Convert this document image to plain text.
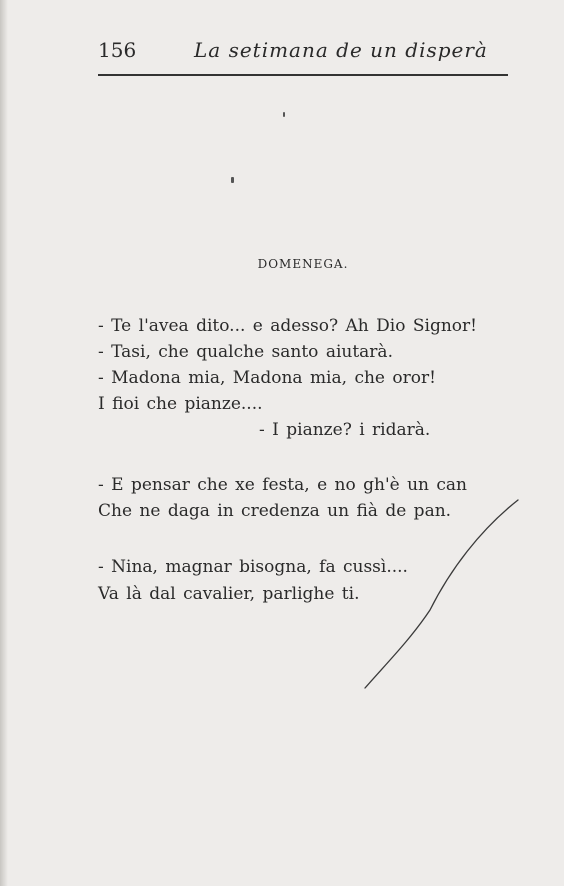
156	La setimana de un disperà
DOMENEGA.
- Te l'avea dito... e adesso? Ah Dio Signor!
- Tasi, che qualche santo aiutarà.
- Madona mia, Madona mia, che oror!
I fioi che pianze....
- I pianze? i ridarà.
- E pensar che xe festa, e no gh'è un can
Che ne daga in credenza un fià de pan.
- Nina, magnar bisogna, fa cussì....
Va là dal cavalier, parlighe ti.
